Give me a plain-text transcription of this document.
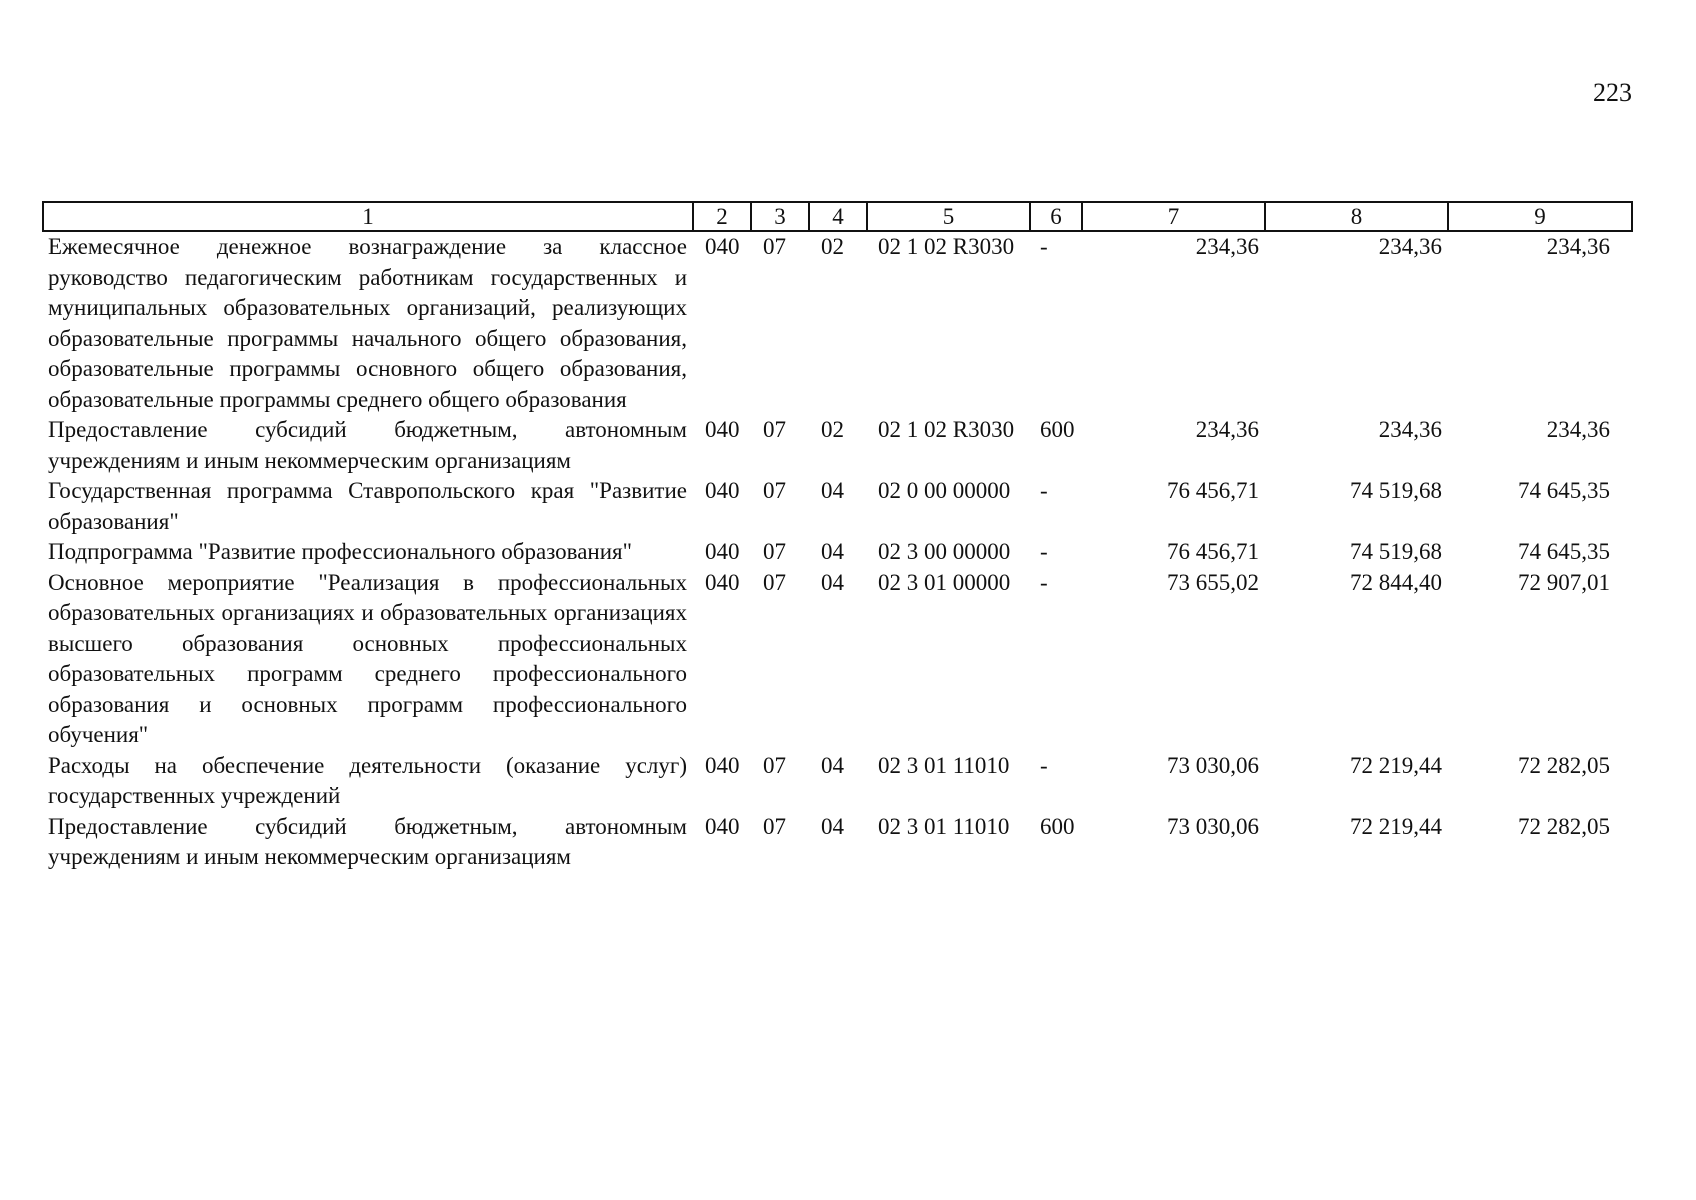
223
1	2	3	4	5	6	7	8	9
Ежемесячное денежное вознаграждение за классное руководство педагогическим работникам государственных и муниципальных образовательных организаций, реализующих образовательные программы начального общего образования, образовательные программы основного общего образования, образовательные программы среднего общего образования	040	07	02	02 1 02 R3030	-	234,36	234,36	234,36
Предоставление субсидий бюджетным, автономным учреждениям и иным некоммерческим организациям	040	07	02	02 1 02 R3030	600	234,36	234,36	234,36
Государственная программа Ставропольского края "Развитие образования"	040	07	04	02 0 00 00000	-	76 456,71	74 519,68	74 645,35
Подпрограмма "Развитие профессионального образования"	040	07	04	02 3 00 00000	-	76 456,71	74 519,68	74 645,35
Основное мероприятие "Реализация в профессиональных образовательных организациях и образовательных организациях высшего образования основных профессиональных образовательных программ среднего профессионального образования и основных программ профессионального обучения"	040	07	04	02 3 01 00000	-	73 655,02	72 844,40	72 907,01
Расходы на обеспечение деятельности (оказание услуг) государственных учреждений	040	07	04	02 3 01 11010	-	73 030,06	72 219,44	72 282,05
Предоставление субсидий бюджетным, автономным учреждениям и иным некоммерческим организациям	040	07	04	02 3 01 11010	600	73 030,06	72 219,44	72 282,05
